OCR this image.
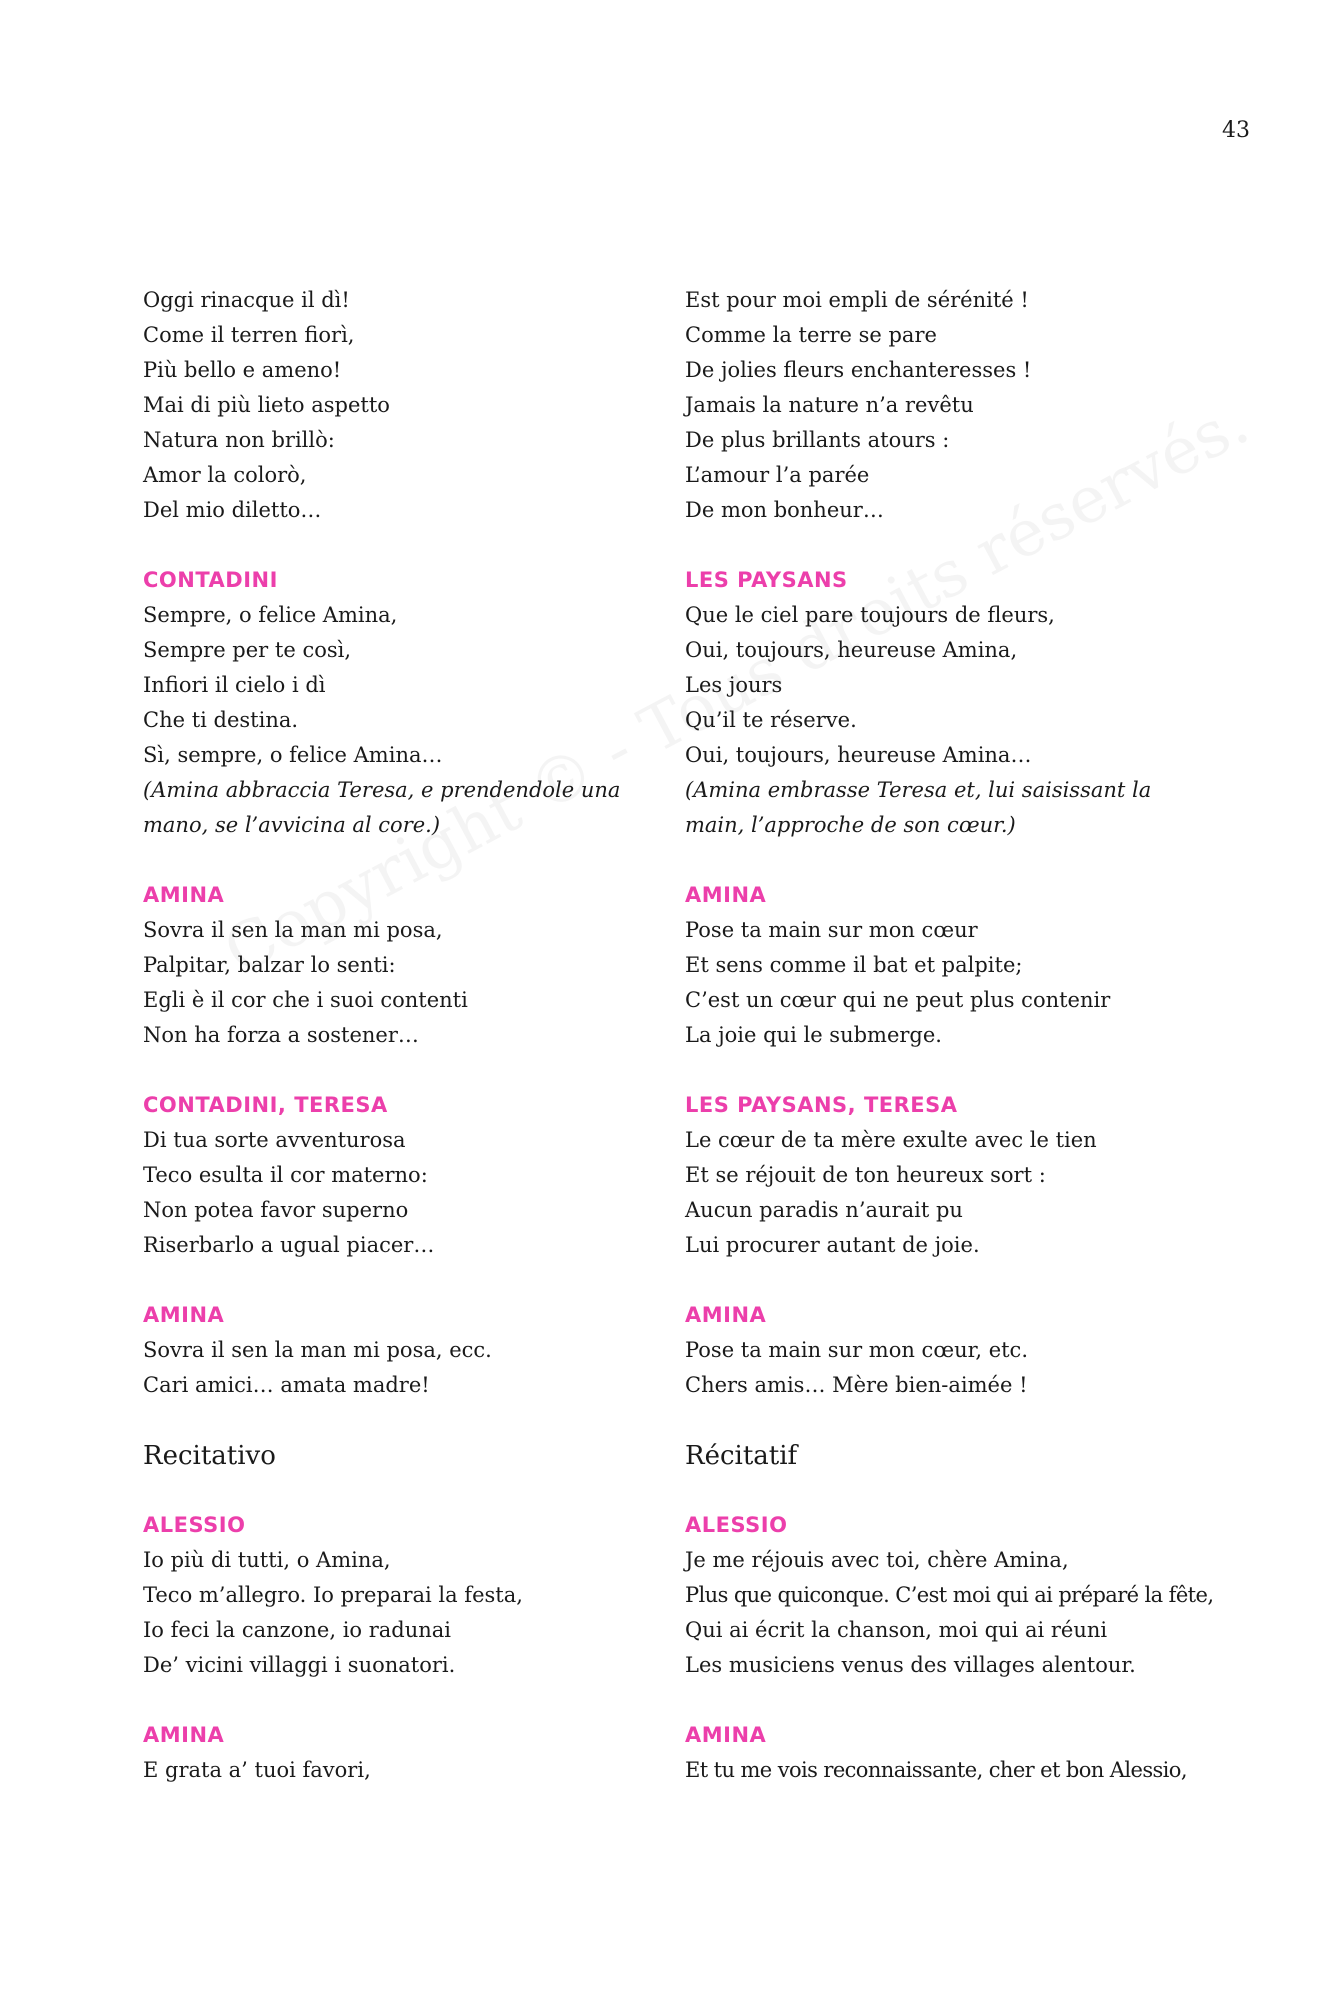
43
Oggi rinacque il dì!
Come il terren fiorì,
Più bello e ameno!
Mai di più lieto aspetto
Natura non brillò:
Amor la colorò,
Del mio diletto…
CONTADINI
Sempre, o felice Amina,
Sempre per te così,
Infiori il cielo i dì
Che ti destina.
Sì, sempre, o felice Amina…
(Amina abbraccia Teresa, e prendendole una
mano, se l’avvicina al core.)
AMINA
Sovra il sen la man mi posa,
Palpitar, balzar lo senti:
Egli è il cor che i suoi contenti
Non ha forza a sostener…
CONTADINI, TERESA
Di tua sorte avventurosa
Teco esulta il cor materno:
Non potea favor superno
Riserbarlo a ugual piacer…
AMINA
Sovra il sen la man mi posa, ecc.
Cari amici… amata madre!
Recitativo
ALESSIO
Io più di tutti, o Amina,
Teco m’allegro. Io preparai la festa,
Io feci la canzone, io radunai
De’ vicini villaggi i suonatori.
AMINA
E grata a’ tuoi favori,
Est pour moi empli de sérénité !
Comme la terre se pare
De jolies fleurs enchanteresses !
Jamais la nature n’a revêtu
De plus brillants atours :
L’amour l’a parée
De mon bonheur…
LES PAYSANS
Que le ciel pare toujours de fleurs,
Oui, toujours, heureuse Amina,
Les jours
Qu’il te réserve.
Oui, toujours, heureuse Amina…
(Amina embrasse Teresa et, lui saisissant la
main, l’approche de son cœur.)
AMINA
Pose ta main sur mon cœur
Et sens comme il bat et palpite;
C’est un cœur qui ne peut plus contenir
La joie qui le submerge.
LES PAYSANS, TERESA
Le cœur de ta mère exulte avec le tien
Et se réjouit de ton heureux sort :
Aucun paradis n’aurait pu
Lui procurer autant de joie.
AMINA
Pose ta main sur mon cœur, etc.
Chers amis… Mère bien-aimée !
Récitatif
ALESSIO
Je me réjouis avec toi, chère Amina,
Plus que quiconque. C’est moi qui ai préparé la fête,
Qui ai écrit la chanson, moi qui ai réuni
Les musiciens venus des villages alentour.
AMINA
Et tu me vois reconnaissante, cher et bon Alessio,
